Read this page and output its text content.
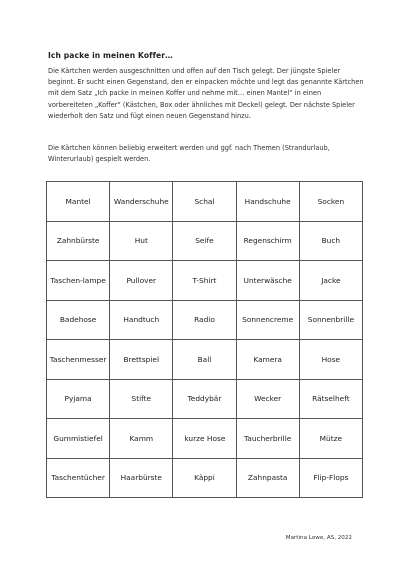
Ich packe in meinen Koffer…
Die Kärtchen werden ausgeschnitten und offen auf den Tisch gelegt. Der jüngste Spieler beginnt. Er sucht einen Gegenstand, den er einpacken möchte und legt das genannte Kärtchen mit dem Satz „Ich packe in meinen Koffer und nehme mit… einen Mantel“ in einen vorbereiteten „Koffer“ (Kästchen, Box oder ähnliches mit Deckel) gelegt. Der nächste Spieler wiederholt den Satz und fügt einen neuen Gegenstand hinzu.
Die Kärtchen können beliebig erweitert werden und ggf. nach Themen (Strandurlaub, Winterurlaub) gespielt werden.
Mantel	Wanderschuhe	Schal	Handschuhe	Socken
Zahnbürste	Hut	Seife	Regenschirm	Buch
Taschen-lampe	Pullover	T-Shirt	Unterwäsche	Jacke
Badehose	Handtuch	Radio	Sonnencreme	Sonnenbrille
Taschenmesser	Brettspiel	Ball	Kamera	Hose
Pyjama	Stifte	Teddybär	Wecker	Rätselheft
Gummistiefel	Kamm	kurze Hose	Taucherbrille	Mütze
Taschentücher	Haarbürste	Käppi	Zahnpasta	Flip-Flops
Martina Lowe, AS, 2022
